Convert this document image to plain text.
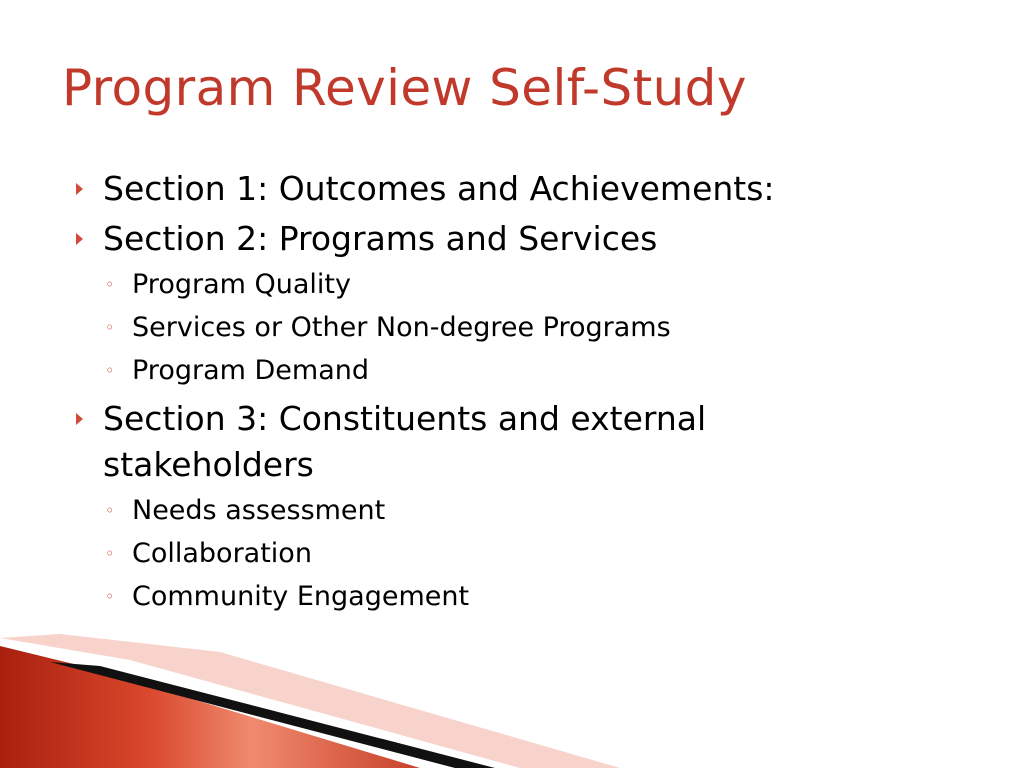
Program Review Self-Study
Section 1: Outcomes and Achievements:
Section 2: Programs and Services
◦ Program Quality
◦ Services or Other Non-degree Programs
◦ Program Demand
Section 3: Constituents and external stakeholders
◦ Needs assessment
◦ Collaboration
◦ Community Engagement
